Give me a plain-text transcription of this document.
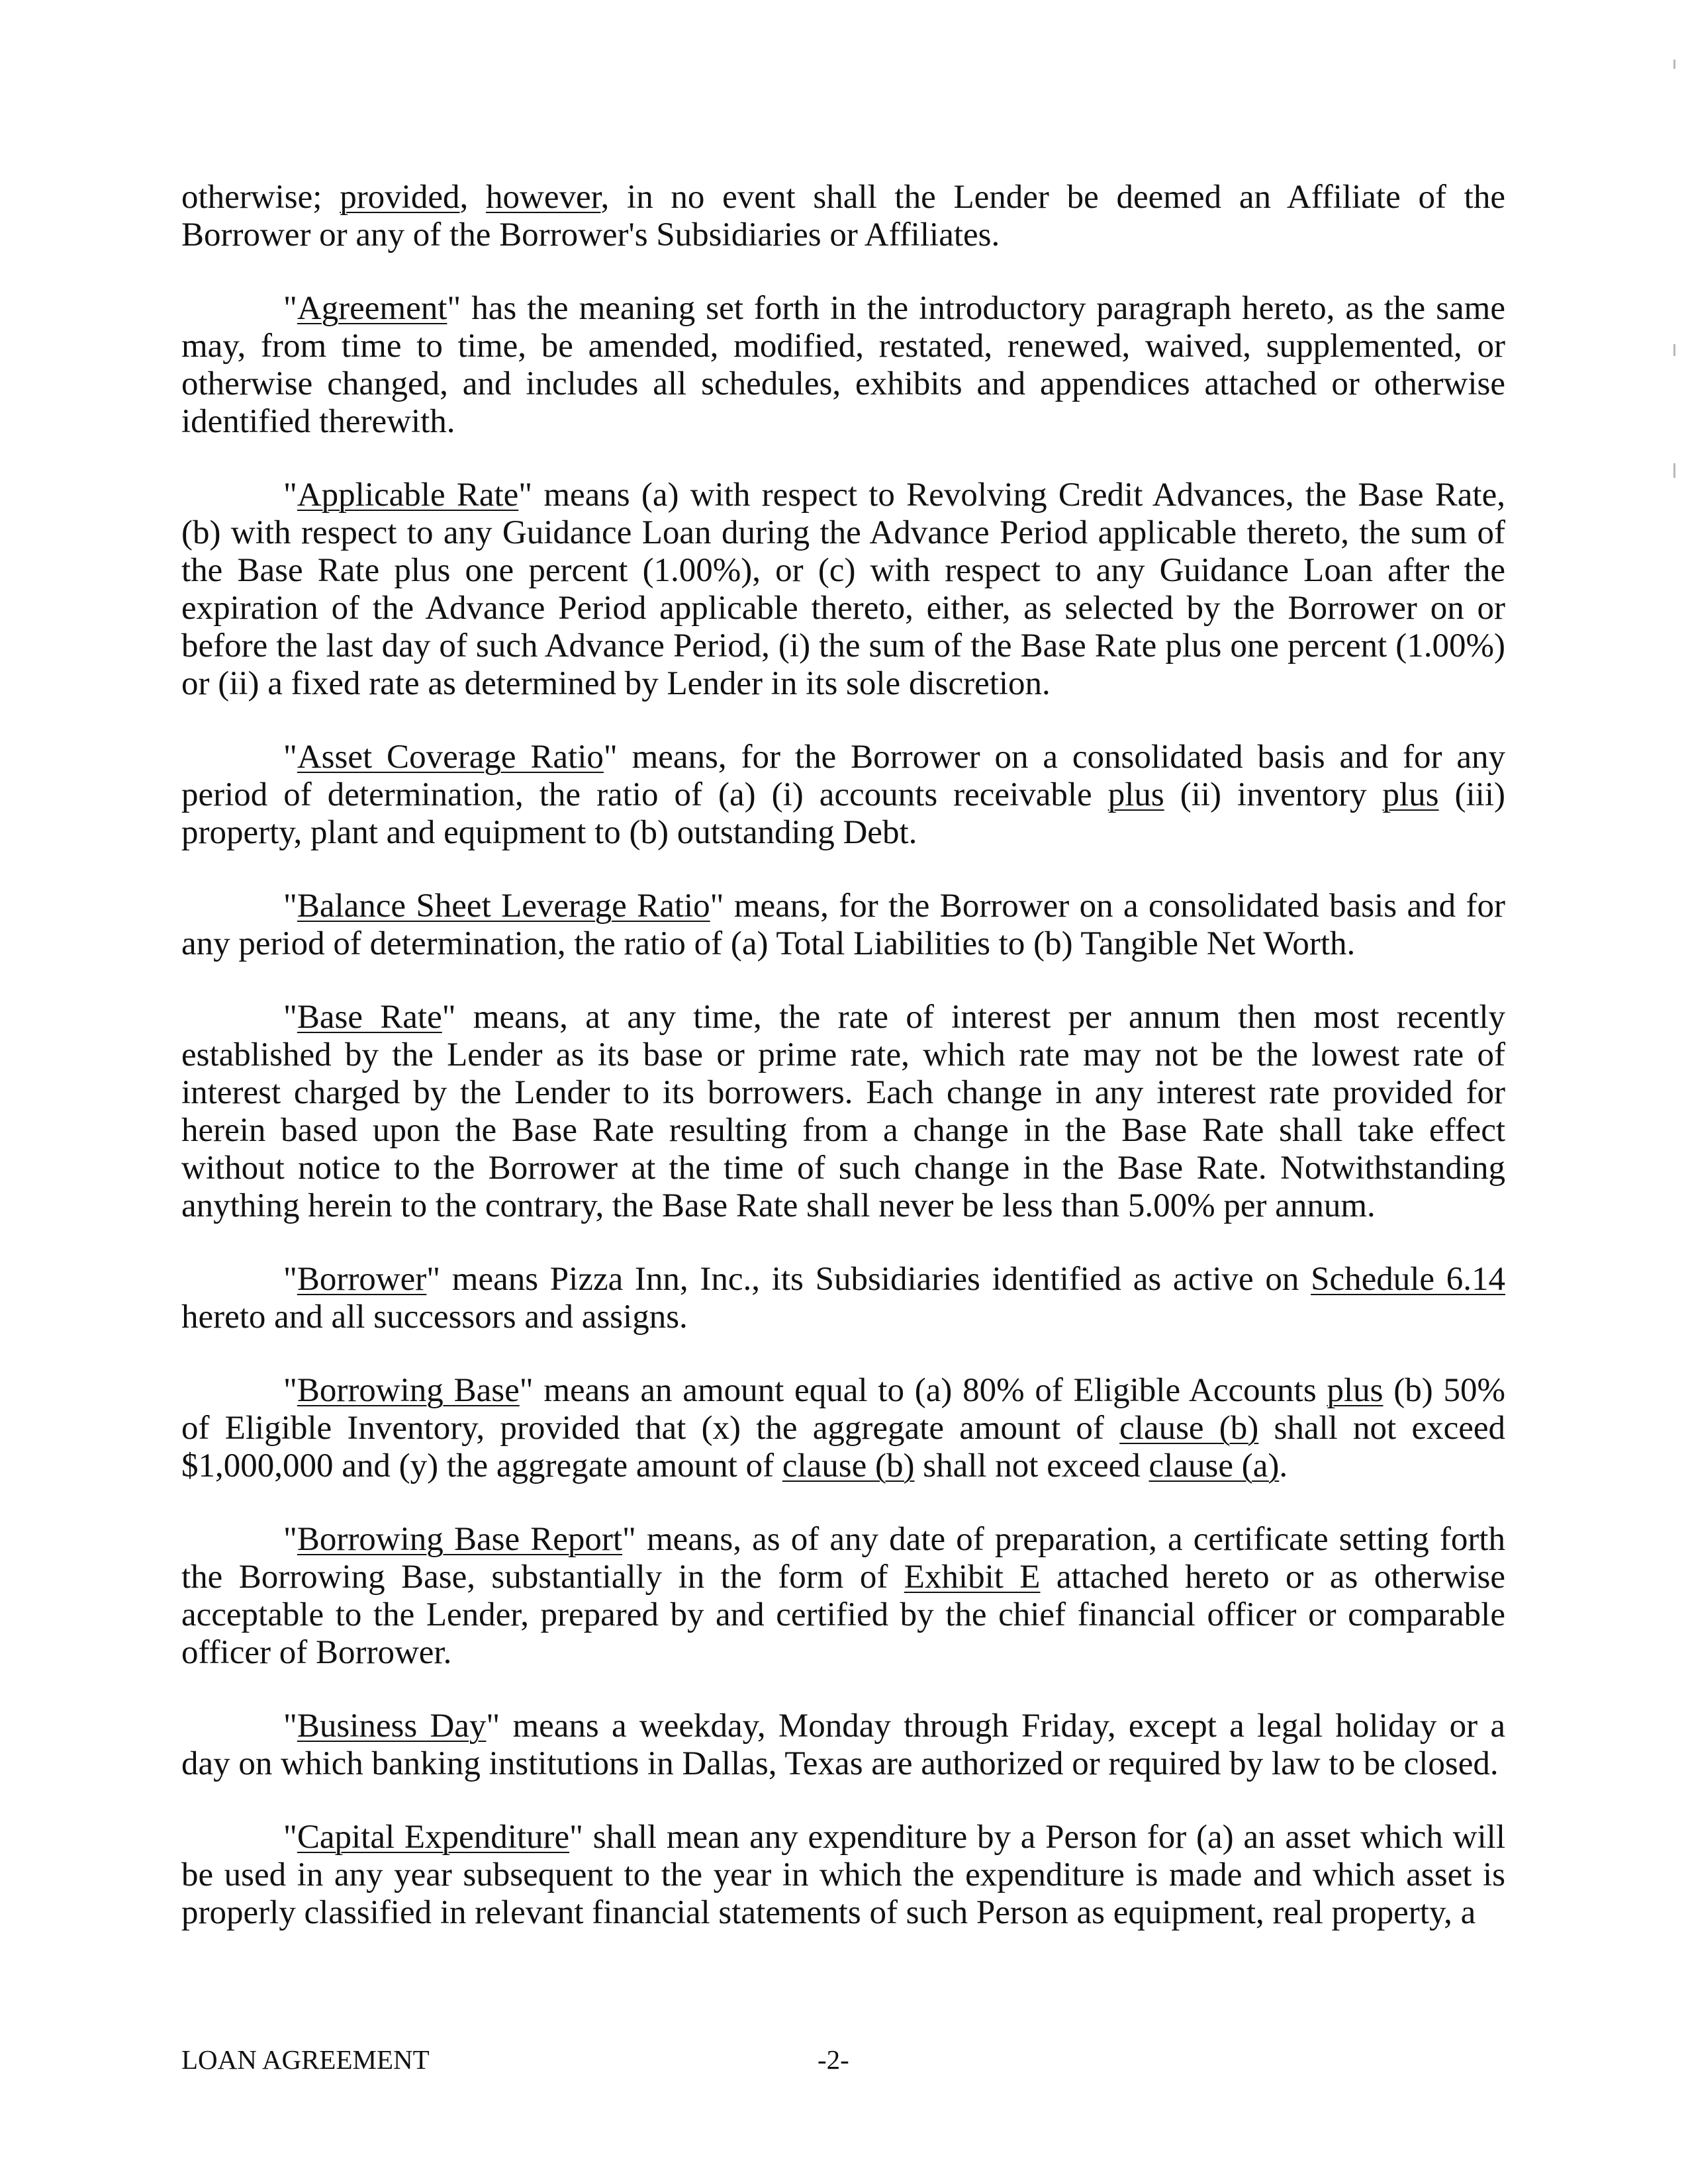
otherwise; provided, however, in no event shall the Lender be deemed an Affiliate of the Borrower or any of the Borrower's Subsidiaries or Affiliates.

"Agreement" has the meaning set forth in the introductory paragraph hereto, as the same may, from time to time, be amended, modified, restated, renewed, waived, supplemented, or otherwise changed, and includes all schedules, exhibits and appendices attached or otherwise identified therewith.

"Applicable Rate" means (a) with respect to Revolving Credit Advances, the Base Rate, (b) with respect to any Guidance Loan during the Advance Period applicable thereto, the sum of the Base Rate plus one percent (1.00%), or (c) with respect to any Guidance Loan after the expiration of the Advance Period applicable thereto, either, as selected by the Borrower on or before the last day of such Advance Period, (i) the sum of the Base Rate plus one percent (1.00%) or (ii) a fixed rate as determined by Lender in its sole discretion.

"Asset Coverage Ratio" means, for the Borrower on a consolidated basis and for any period of determination, the ratio of (a) (i) accounts receivable plus (ii) inventory plus (iii) property, plant and equipment to (b) outstanding Debt.

"Balance Sheet Leverage Ratio" means, for the Borrower on a consolidated basis and for any period of determination, the ratio of (a) Total Liabilities to (b) Tangible Net Worth.

"Base Rate" means, at any time, the rate of interest per annum then most recently established by the Lender as its base or prime rate, which rate may not be the lowest rate of interest charged by the Lender to its borrowers. Each change in any interest rate provided for herein based upon the Base Rate resulting from a change in the Base Rate shall take effect without notice to the Borrower at the time of such change in the Base Rate. Notwithstanding anything herein to the contrary, the Base Rate shall never be less than 5.00% per annum.

"Borrower" means Pizza Inn, Inc., its Subsidiaries identified as active on Schedule 6.14 hereto and all successors and assigns.

"Borrowing Base" means an amount equal to (a) 80% of Eligible Accounts plus (b) 50% of Eligible Inventory, provided that (x) the aggregate amount of clause (b) shall not exceed $1,000,000 and (y) the aggregate amount of clause (b) shall not exceed clause (a).

"Borrowing Base Report" means, as of any date of preparation, a certificate setting forth the Borrowing Base, substantially in the form of Exhibit E attached hereto or as otherwise acceptable to the Lender, prepared by and certified by the chief financial officer or comparable officer of Borrower.

"Business Day" means a weekday, Monday through Friday, except a legal holiday or a day on which banking institutions in Dallas, Texas are authorized or required by law to be closed.

"Capital Expenditure" shall mean any expenditure by a Person for (a) an asset which will be used in any year subsequent to the year in which the expenditure is made and which asset is properly classified in relevant financial statements of such Person as equipment, real property, a

LOAN AGREEMENT	-2-
